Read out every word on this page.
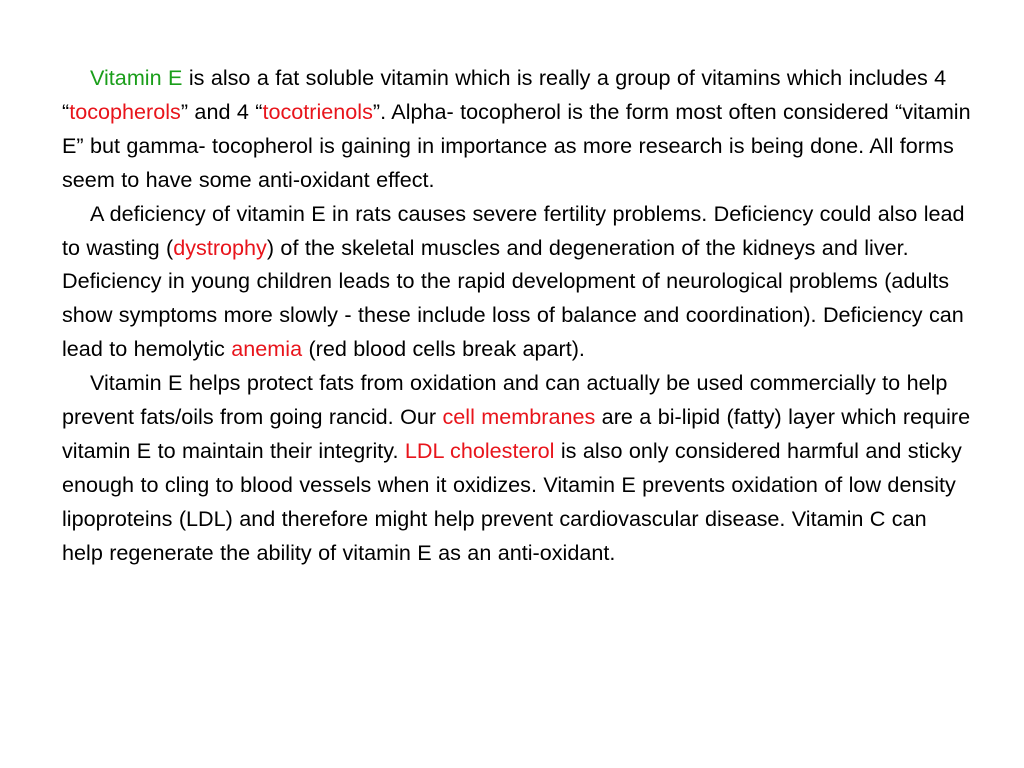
Vitamin E is also a fat soluble vitamin which is really a group of vitamins which includes 4 “tocopherols” and 4 “tocotrienols”. Alpha- tocopherol is the form most often considered “vitamin E” but gamma- tocopherol is gaining in importance as more research is being done. All forms seem to have some anti-oxidant effect.

A deficiency of vitamin E in rats causes severe fertility problems. Deficiency could also lead to wasting (dystrophy) of the skeletal muscles and degeneration of the kidneys and liver. Deficiency in young children leads to the rapid development of neurological problems (adults show symptoms more slowly - these include loss of balance and coordination). Deficiency can lead to hemolytic anemia (red blood cells break apart).

Vitamin E helps protect fats from oxidation and can actually be used commercially to help prevent fats/oils from going rancid. Our cell membranes are a bi-lipid (fatty) layer which require vitamin E to maintain their integrity. LDL cholesterol is also only considered harmful and sticky enough to cling to blood vessels when it oxidizes. Vitamin E prevents oxidation of low density lipoproteins (LDL) and therefore might help prevent cardiovascular disease. Vitamin C can help regenerate the ability of vitamin E as an anti-oxidant.
